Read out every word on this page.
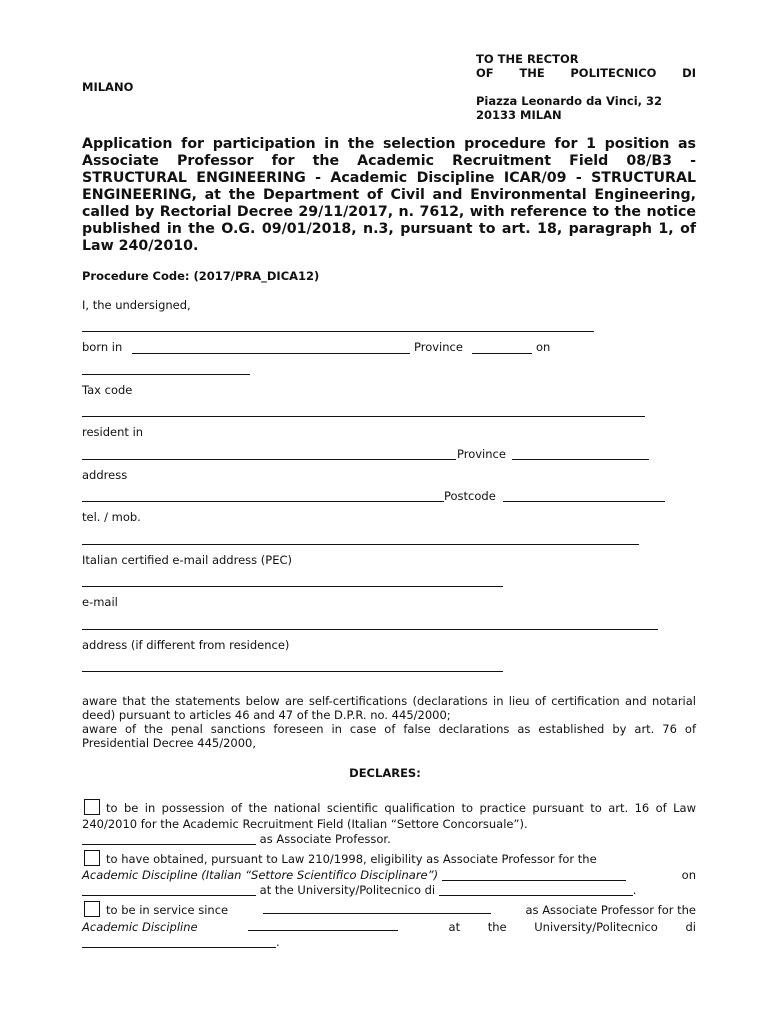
TO THE RECTOR
OF THE POLITECNICO DI
MILANO
Piazza Leonardo da Vinci, 32
20133 MILAN
Application for participation in the selection procedure for 1 position as Associate Professor for the Academic Recruitment Field 08/B3 - STRUCTURAL ENGINEERING - Academic Discipline ICAR/09 - STRUCTURAL ENGINEERING, at the Department of Civil and Environmental Engineering, called by Rectorial Decree 29/11/2017, n. 7612, with reference to the notice published in the O.G. 09/01/2018, n.3, pursuant to art. 18, paragraph 1, of Law 240/2010.
Procedure Code: (2017/PRA_DICA12)
I, the undersigned,
born in	Province	on
Tax code
resident in
Province
address
Postcode
tel. / mob.
Italian certified e-mail address (PEC)
e-mail
address (if different from residence)
aware that the statements below are self-certifications (declarations in lieu of certification and notarial deed) pursuant to articles 46 and 47 of the D.P.R. no. 445/2000;
aware of the penal sanctions foreseen in case of false declarations as established by art. 76 of Presidential Decree 445/2000,
DECLARES:
to be in possession of the national scientific qualification to practice pursuant to art. 16 of Law 240/2010 for the Academic Recruitment Field (Italian “Settore Concorsuale”).
as Associate Professor.
to have obtained, pursuant to Law 210/1998, eligibility as Associate Professor for the
Academic Discipline (Italian “Settore Scientifico Disciplinare”)	on

at the University/Politecnico di	.
to be in service since	as Associate Professor for the
Academic Discipline	at the University/Politecnico di
.
